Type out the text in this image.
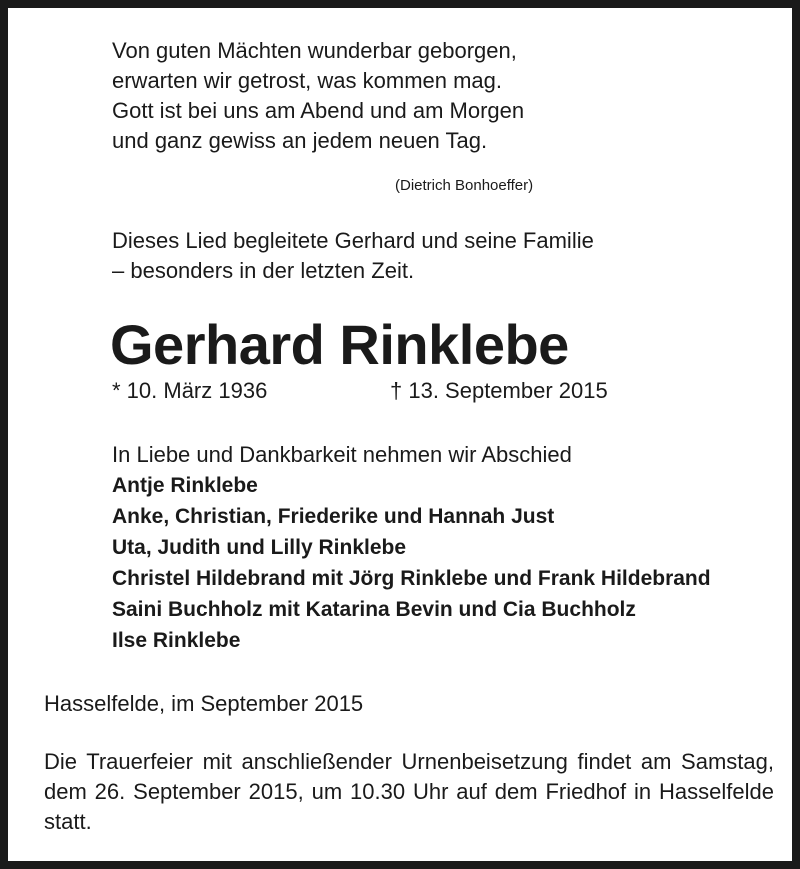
Von guten Mächten wunderbar geborgen,
erwarten wir getrost, was kommen mag.
Gott ist bei uns am Abend und am Morgen
und ganz gewiss an jedem neuen Tag.
(Dietrich Bonhoeffer)
Dieses Lied begleitete Gerhard und seine Familie
– besonders in der letzten Zeit.
Gerhard Rinklebe
* 10. März 1936	† 13. September 2015
In Liebe und Dankbarkeit nehmen wir Abschied
Antje Rinklebe
Anke, Christian, Friederike und Hannah Just
Uta, Judith und Lilly Rinklebe
Christel Hildebrand mit Jörg Rinklebe und Frank Hildebrand
Saini Buchholz mit Katarina Bevin und Cia Buchholz
Ilse Rinklebe
Hasselfelde, im September 2015
Die Trauerfeier mit anschließender Urnenbeisetzung findet am Samstag, dem 26. September 2015, um 10.30 Uhr auf dem Friedhof in Hasselfelde statt.
